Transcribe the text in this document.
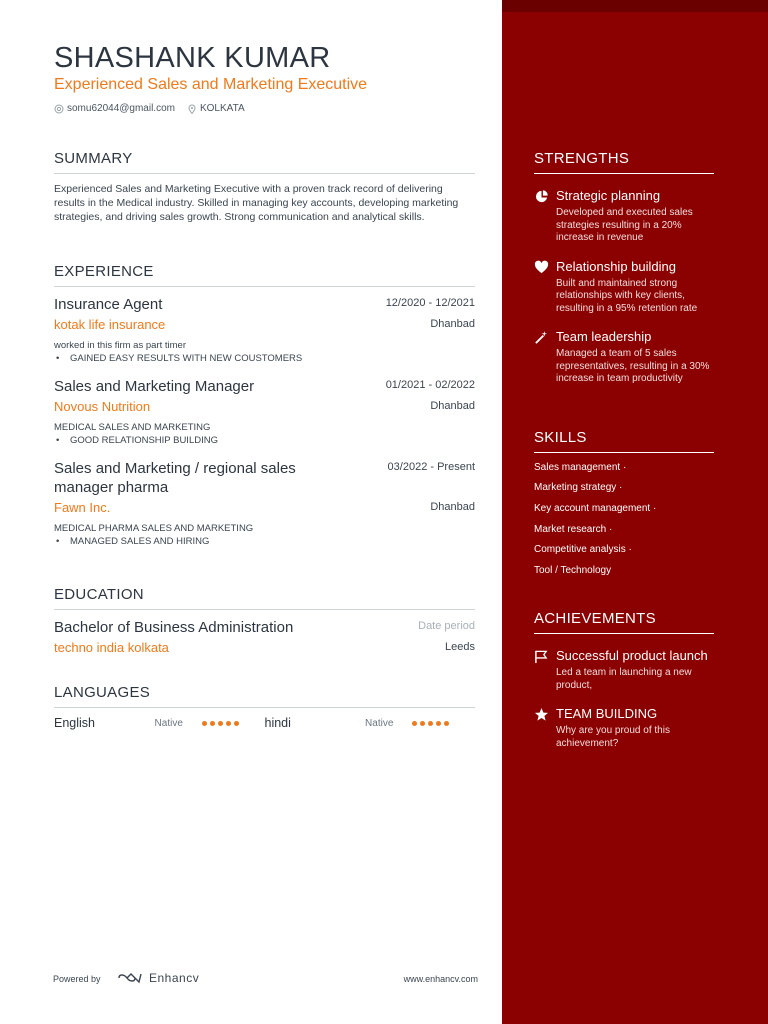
SHASHANK KUMAR
Experienced Sales and Marketing Executive
somu62044@gmail.com	KOLKATA
SUMMARY
Experienced Sales and Marketing Executive with a proven track record of delivering results in the Medical industry. Skilled in managing key accounts, developing marketing strategies, and driving sales growth. Strong communication and analytical skills.
EXPERIENCE
Insurance Agent	12/2020 - 12/2021
kotak life insurance	Dhanbad
worked in this firm as part timer
• GAINED EASY RESULTS WITH NEW COUSTOMERS
Sales and Marketing Manager	01/2021 - 02/2022
Novous Nutrition	Dhanbad
MEDICAL SALES AND MARKETING
• GOOD RELATIONSHIP BUILDING
Sales and Marketing / regional sales manager pharma
03/2022 - Present
Fawn Inc.	Dhanbad
MEDICAL PHARMA SALES AND MARKETING
• MANAGED SALES AND HIRING
EDUCATION
Bachelor of Business Administration	Date period
techno india kolkata	Leeds
LANGUAGES
English	Native	hindi	Native
Powered by	Enhancv	www.enhancv.com
STRENGTHS
Strategic planning
Developed and executed sales strategies resulting in a 20% increase in revenue
Relationship building
Built and maintained strong relationships with key clients, resulting in a 95% retention rate
Team leadership
Managed a team of 5 sales representatives, resulting in a 30% increase in team productivity
SKILLS
Sales management ·
Marketing strategy ·
Key account management ·
Market research ·
Competitive analysis ·
Tool / Technology
ACHIEVEMENTS
Successful product launch
Led a team in launching a new product,
TEAM BUILDING
Why are you proud of this achievement?
